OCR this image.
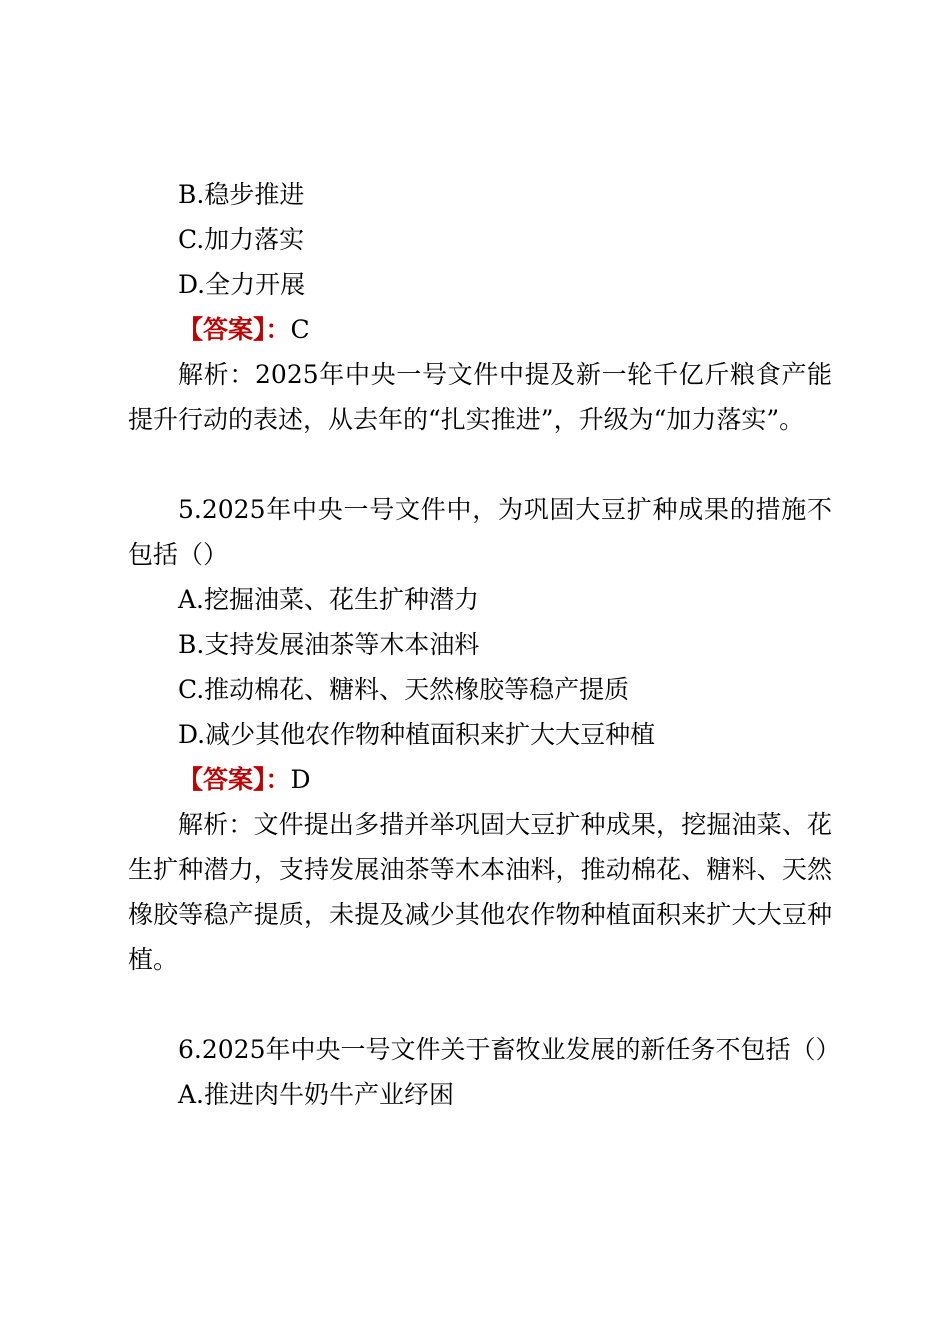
B.稳步推进

C.加力落实

D.全力开展

【答案】：C

解析：2025年中央一号文件中提及新一轮千亿斤粮食产能提升行动的表述，从去年的“扎实推进”，升级为“加力落实”。

5.2025年中央一号文件中，为巩固大豆扩种成果的措施不包括（）

A.挖掘油菜、花生扩种潜力

B.支持发展油茶等木本油料

C.推动棉花、糖料、天然橡胶等稳产提质

D.减少其他农作物种植面积来扩大大豆种植

【答案】：D

解析：文件提出多措并举巩固大豆扩种成果，挖掘油菜、花生扩种潜力，支持发展油茶等木本油料，推动棉花、糖料、天然橡胶等稳产提质，未提及减少其他农作物种植面积来扩大大豆种植。

6.2025年中央一号文件关于畜牧业发展的新任务不包括（）

A.推进肉牛奶牛产业纾困
